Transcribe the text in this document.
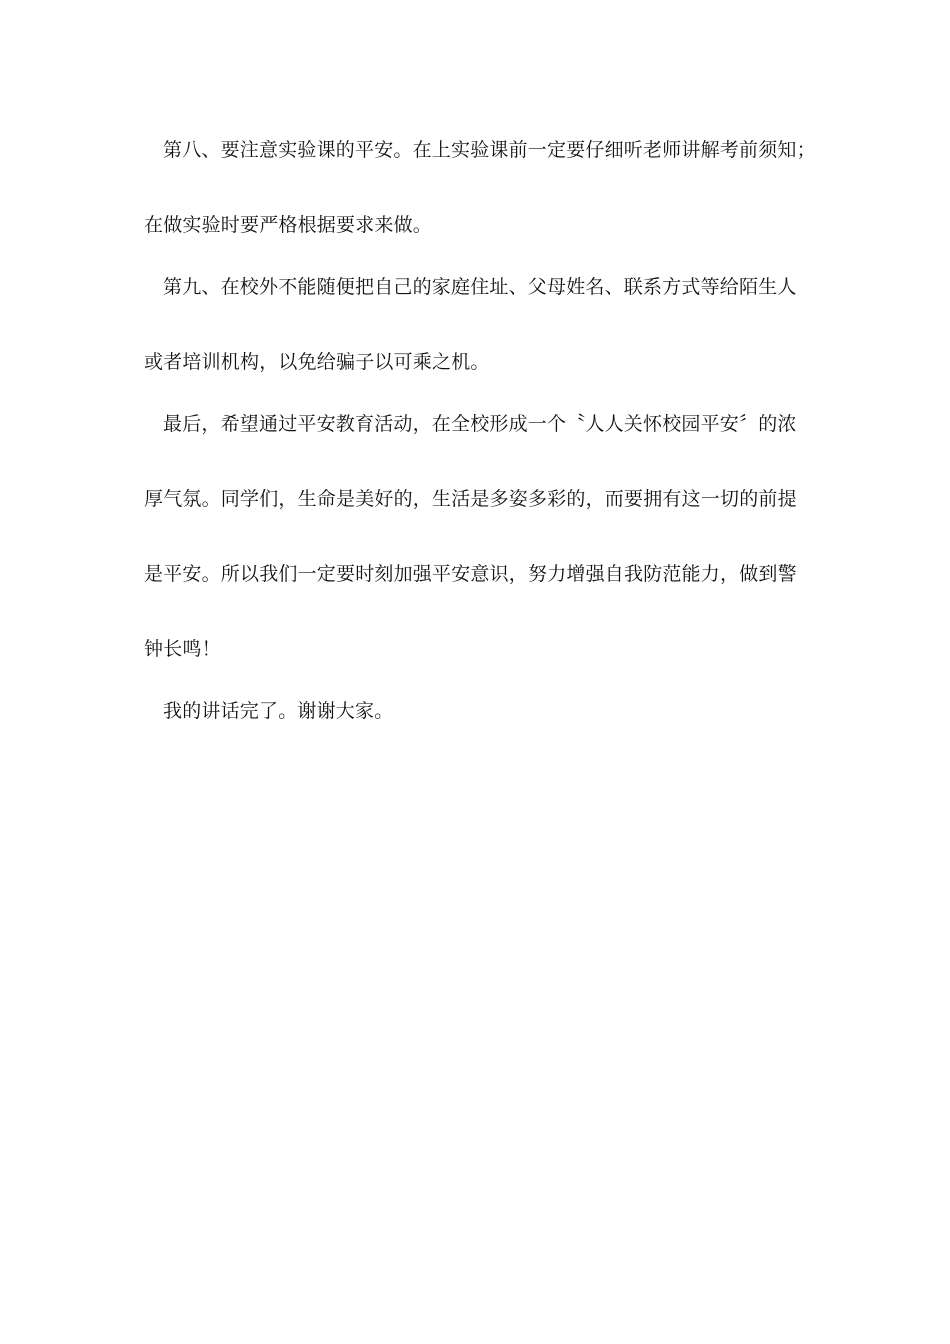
第八、要注意实验课的平安。在上实验课前一定要仔细听老师讲解考前须知；
在做实验时要严格根据要求来做。
第九、在校外不能随便把自己的家庭住址、父母姓名、联系方式等给陌生人
或者培训机构，以免给骗子以可乘之机。
最后，希望通过平安教育活动，在全校形成一个〝人人关怀校园平安〞的浓
厚气氛。同学们，生命是美好的，生活是多姿多彩的，而要拥有这一切的前提
是平安。所以我们一定要时刻加强平安意识，努力增强自我防范能力，做到警
钟长鸣！
我的讲话完了。谢谢大家。
